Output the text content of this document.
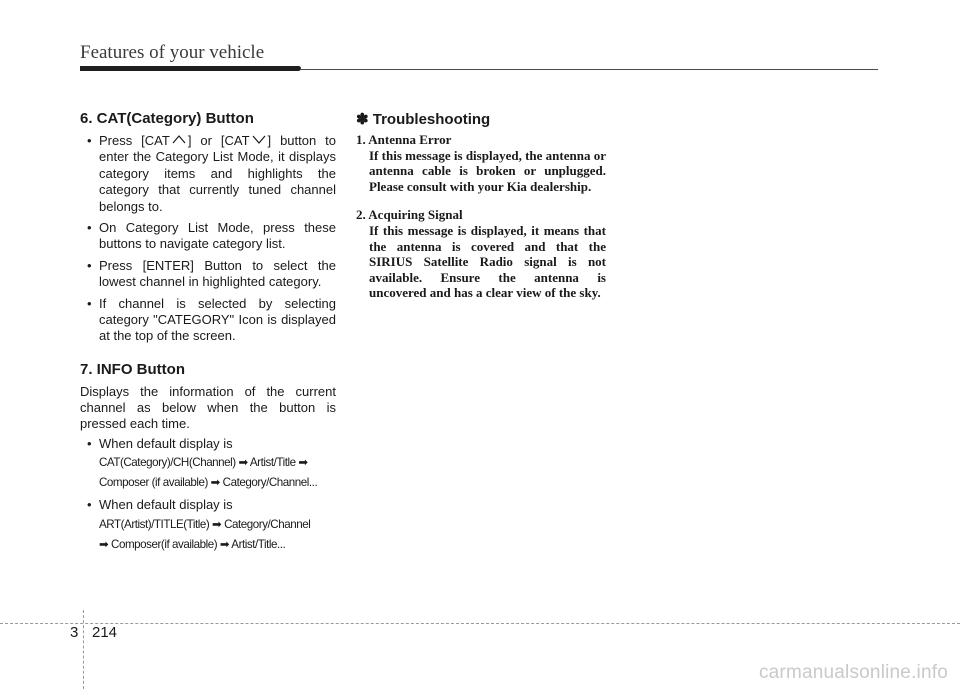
Features of your vehicle
6. CAT(Category) Button
• Press [CAT ] or [CAT ] button to enter the Category List Mode, it displays category items and highlights the category that currently tuned channel belongs to.
• On Category List Mode, press these buttons to navigate category list.
• Press [ENTER] Button to select the lowest channel in highlighted category.
• If channel is selected by selecting category "CATEGORY" Icon is displayed at the top of the screen.
7. INFO Button

Displays the information of the current channel as below when the button is pressed each time.

• When default display is
CAT(Category)/CH(Channel) ➡ Artist/Title ➡
Composer (if available) ➡ Category/Channel...
• When default display is
ART(Artist)/TITLE(Title) ➡ Category/Channel
➡ Composer(if available) ➡ Artist/Title...
✽ Troubleshooting
1. Antenna Error
If this message is displayed, the antenna or antenna cable is broken or unplugged. Please consult with your Kia dealership.
2. Acquiring Signal
If this message is displayed, it means that the antenna is covered and that the SIRIUS Satellite Radio signal is not available. Ensure the antenna is uncovered and has a clear view of the sky.
3 214
carmanualsonline.info
